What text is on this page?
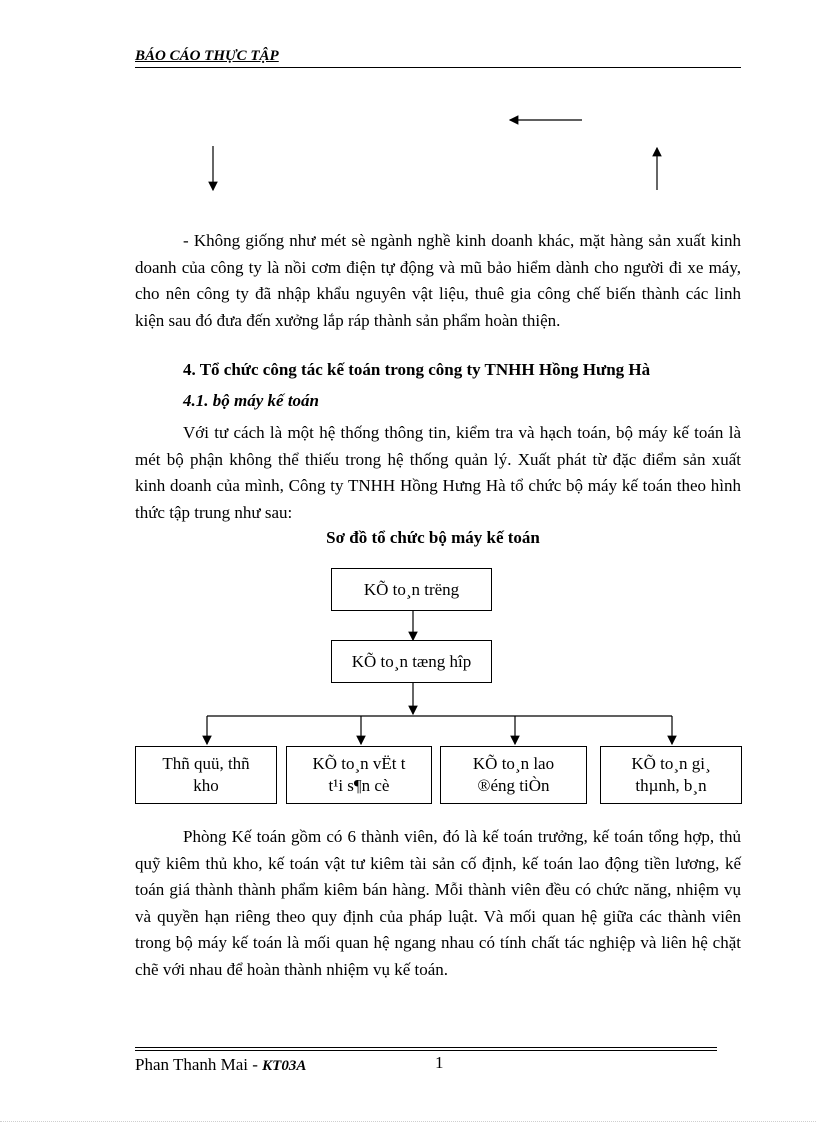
BÁO CÁO THỰC TẬP
- Không giống như mét sè ngành nghề kinh doanh khác, mặt hàng sản xuất kinh doanh của công ty là nồi cơm điện tự động và mũ bảo hiểm dành cho người đi xe máy, cho nên công ty đã nhập khẩu nguyên vật liệu, thuê gia công chế biến thành các linh kiện sau đó đưa đến xưởng lắp ráp thành sản phẩm hoàn thiện.
4. Tổ chức công tác kế toán trong công ty TNHH Hồng Hưng Hà
4.1. bộ máy kế toán
Với tư cách là một hệ thống thông tin, kiểm tra và hạch toán, bộ máy kế toán là mét bộ phận không thể thiếu trong hệ thống quản lý. Xuất phát từ đặc điểm sản xuất kinh doanh của mình, Công ty TNHH Hồng Hưng Hà tổ chức bộ máy kế toán theo hình thức tập trung như sau:
Sơ đồ tổ chức bộ máy kế toán
KÕ to¸n trëng
KÕ to¸n tæng hîp
Thñ quü, thñ
kho
KÕ to¸n vËt t
t¹i s¶n cè
KÕ to¸n lao
®éng tiÒn
KÕ to¸n gi¸
thµnh, b¸n
Phòng Kế toán gồm có 6 thành viên, đó là kế toán trưởng, kế toán tổng hợp, thủ quỹ kiêm thủ kho, kế toán vật tư kiêm tài sản cố định, kế toán lao động tiền lương, kế toán giá thành thành phẩm kiêm bán hàng. Mỗi thành viên đều có chức năng, nhiệm vụ và quyền hạn riêng theo quy định của pháp luật. Và mối quan hệ giữa các thành viên trong bộ máy kế toán là mối quan hệ ngang nhau có tính chất tác nghiệp và liên hệ chặt chẽ với nhau để hoàn thành nhiệm vụ kế toán.
Phan Thanh Mai - KT03A	1
